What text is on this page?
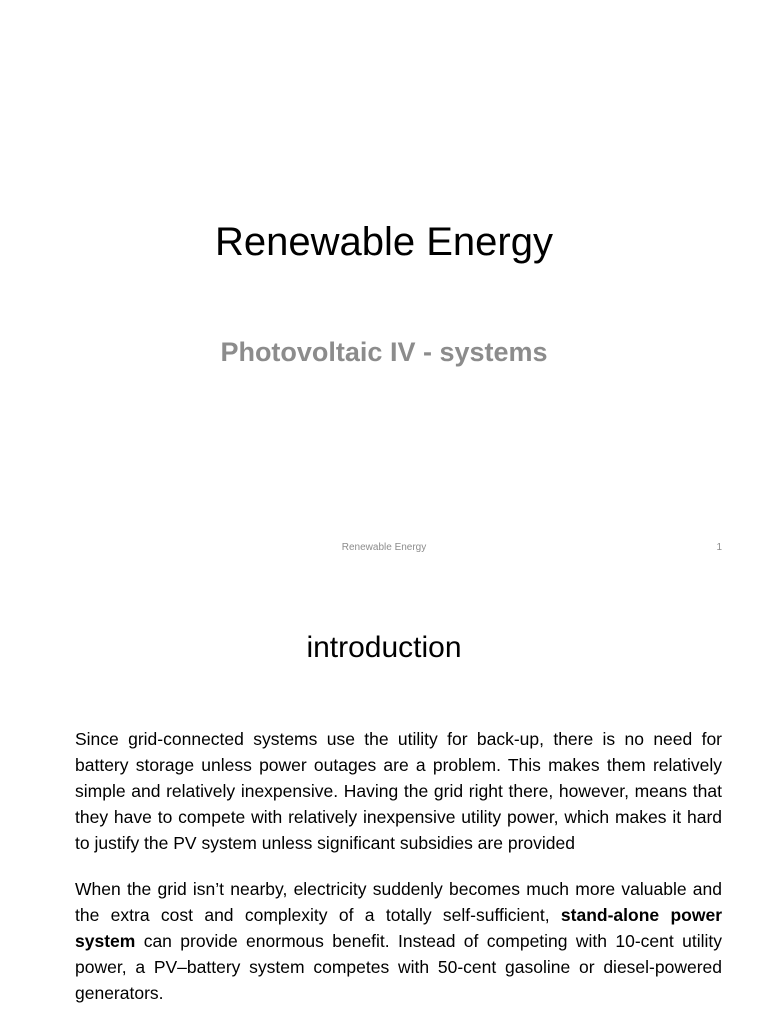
Renewable Energy
Photovoltaic IV - systems
Renewable Energy	1
introduction

Since grid-connected systems use the utility for back-up, there is no need for battery storage unless power outages are a problem. This makes them relatively simple and relatively inexpensive. Having the grid right there, however, means that they have to compete with relatively inexpensive utility power, which makes it hard to justify the PV system unless significant subsidies are provided

When the grid isn’t nearby, electricity suddenly becomes much more valuable and the extra cost and complexity of a totally self-sufficient, stand-alone power system can provide enormous benefit. Instead of competing with 10-cent utility power, a PV–battery system competes with 50-cent gasoline or diesel-powered generators.
